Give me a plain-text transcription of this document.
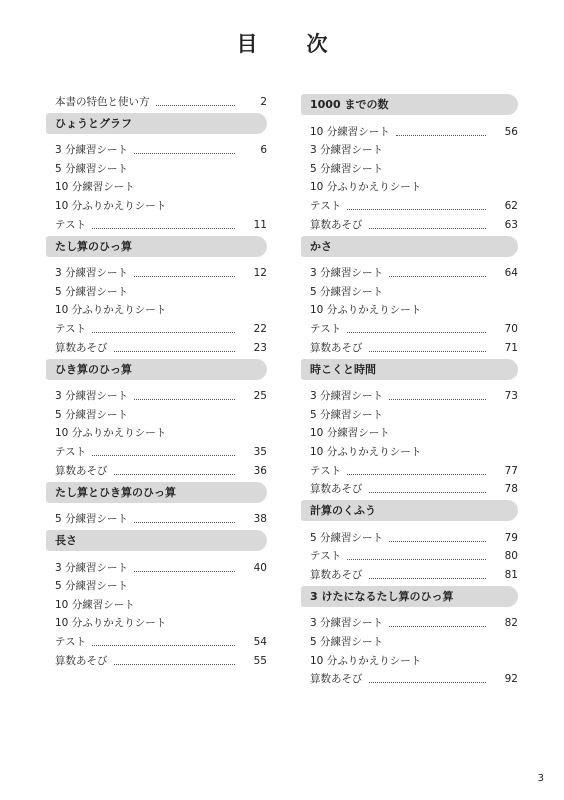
目　次
本書の特色と使い方	2
ひょうとグラフ
3 分練習シート	6
5 分練習シート
10 分練習シート
10 分ふりかえりシート
テスト	11
たし算のひっ算
3 分練習シート	12
5 分練習シート
10 分ふりかえりシート
テスト	22
算数あそび	23
ひき算のひっ算
3 分練習シート	25
5 分練習シート
10 分ふりかえりシート
テスト	35
算数あそび	36
たし算とひき算のひっ算
5 分練習シート	38
長さ
3 分練習シート	40
5 分練習シート
10 分練習シート
10 分ふりかえりシート
テスト	54
算数あそび	55
1000 までの数
10 分練習シート	56
3 分練習シート
5 分練習シート
10 分ふりかえりシート
テスト	62
算数あそび	63
かさ
3 分練習シート	64
5 分練習シート
10 分ふりかえりシート
テスト	70
算数あそび	71
時こくと時間
3 分練習シート	73
5 分練習シート
10 分練習シート
10 分ふりかえりシート
テスト	77
算数あそび	78
計算のくふう
5 分練習シート	79
テスト	80
算数あそび	81
3 けたになるたし算のひっ算
3 分練習シート	82
5 分練習シート
10 分ふりかえりシート
算数あそび	92
3
